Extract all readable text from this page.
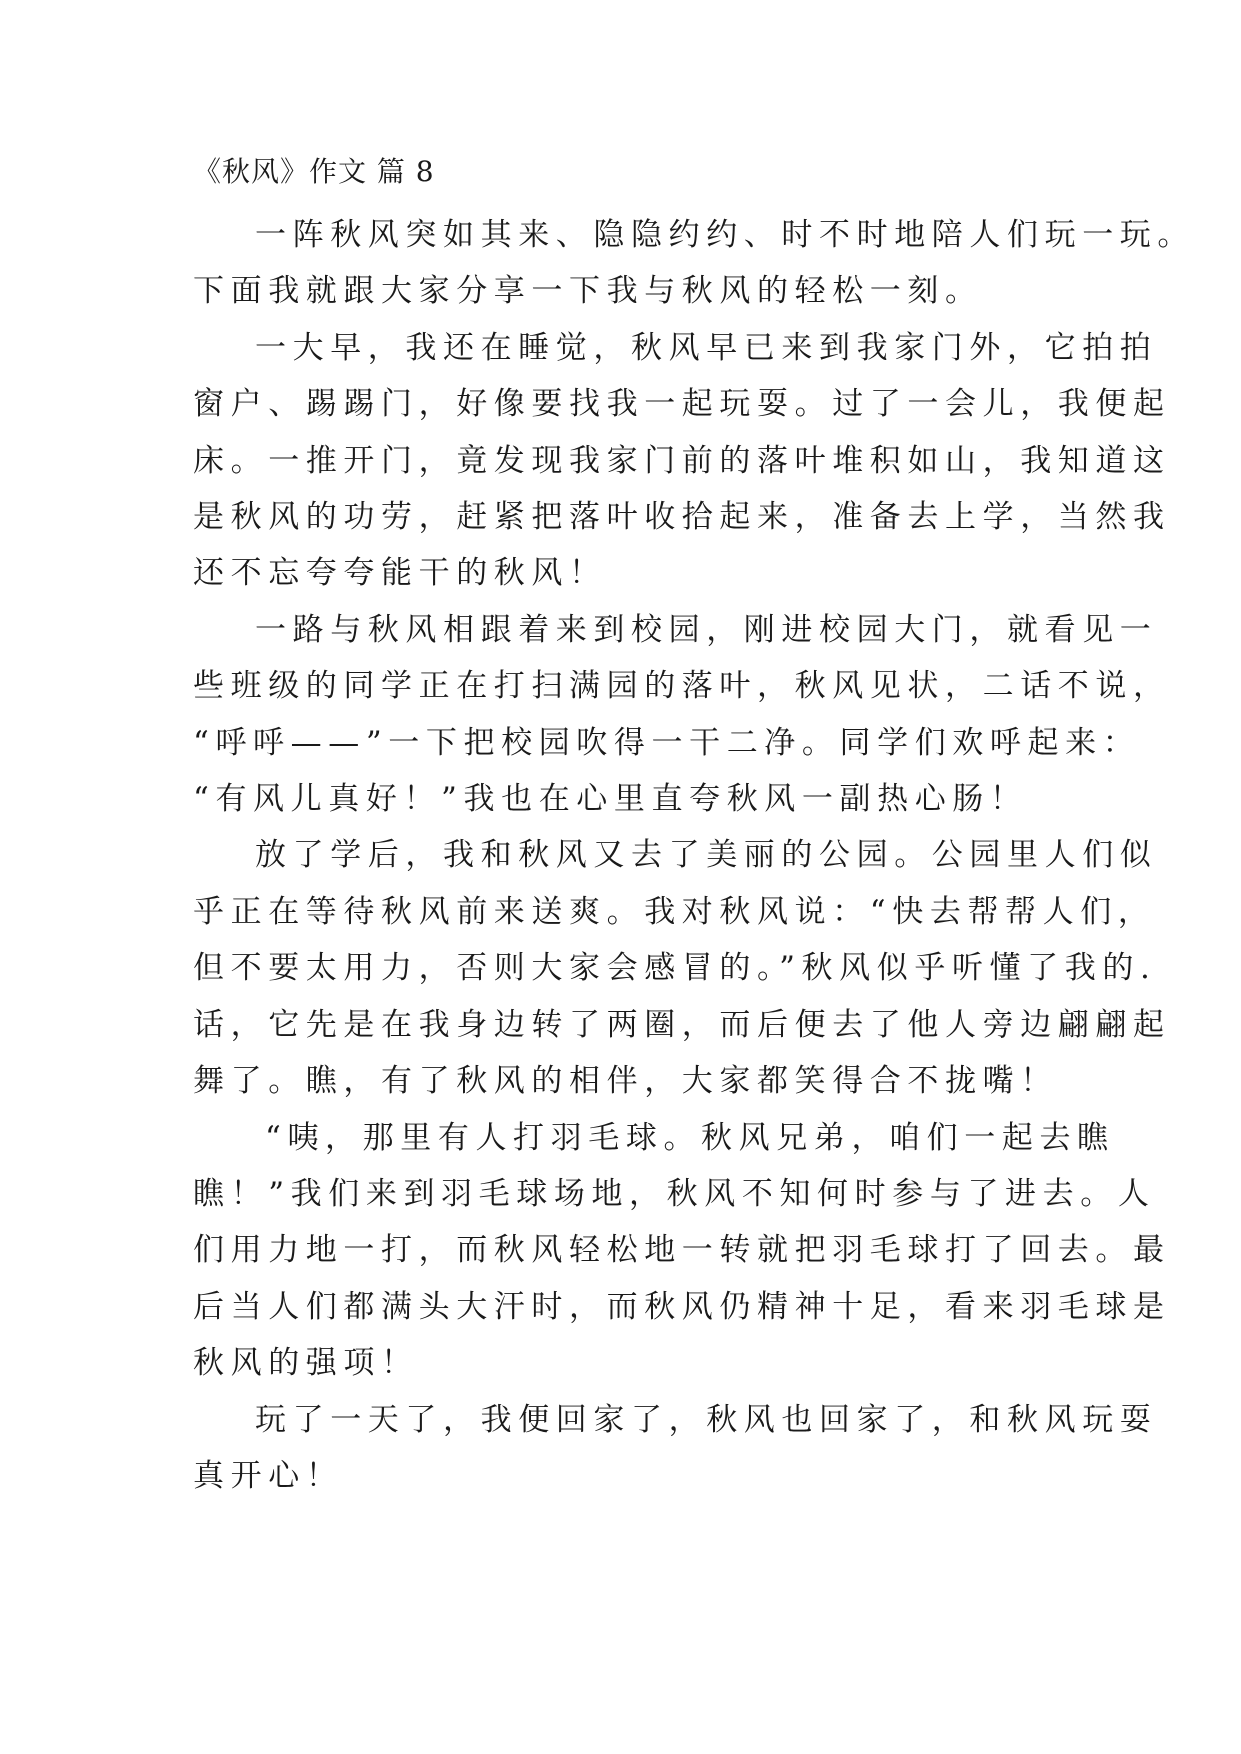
《秋风》作文 篇 8

一阵秋风突如其来、隐隐约约、时不时地陪人们玩一玩。
下面我就跟大家分享一下我与秋风的轻松一刻。

一大早，我还在睡觉，秋风早已来到我家门外，它拍拍
窗户、踢踢门，好像要找我一起玩耍。过了一会儿，我便起
床。一推开门，竟发现我家门前的落叶堆积如山，我知道这
是秋风的功劳，赶紧把落叶收拾起来，准备去上学，当然我
还不忘夸夸能干的秋风！

一路与秋风相跟着来到校园，刚进校园大门，就看见一
些班级的同学正在打扫满园的落叶，秋风见状，二话不说，
“呼呼——”一下把校园吹得一干二净。同学们欢呼起来：
“有风儿真好！”我也在心里直夸秋风一副热心肠！

放了学后，我和秋风又去了美丽的公园。公园里人们似
乎正在等待秋风前来送爽。我对秋风说：“快去帮帮人们，
但不要太用力，否则大家会感冒的。”秋风似乎听懂了我的.
话，它先是在我身边转了两圈，而后便去了他人旁边翩翩起
舞了。瞧，有了秋风的相伴，大家都笑得合不拢嘴！

“咦，那里有人打羽毛球。秋风兄弟，咱们一起去瞧
瞧！”我们来到羽毛球场地，秋风不知何时参与了进去。人
们用力地一打，而秋风轻松地一转就把羽毛球打了回去。最
后当人们都满头大汗时，而秋风仍精神十足，看来羽毛球是
秋风的强项！

玩了一天了，我便回家了，秋风也回家了，和秋风玩耍
真开心！
